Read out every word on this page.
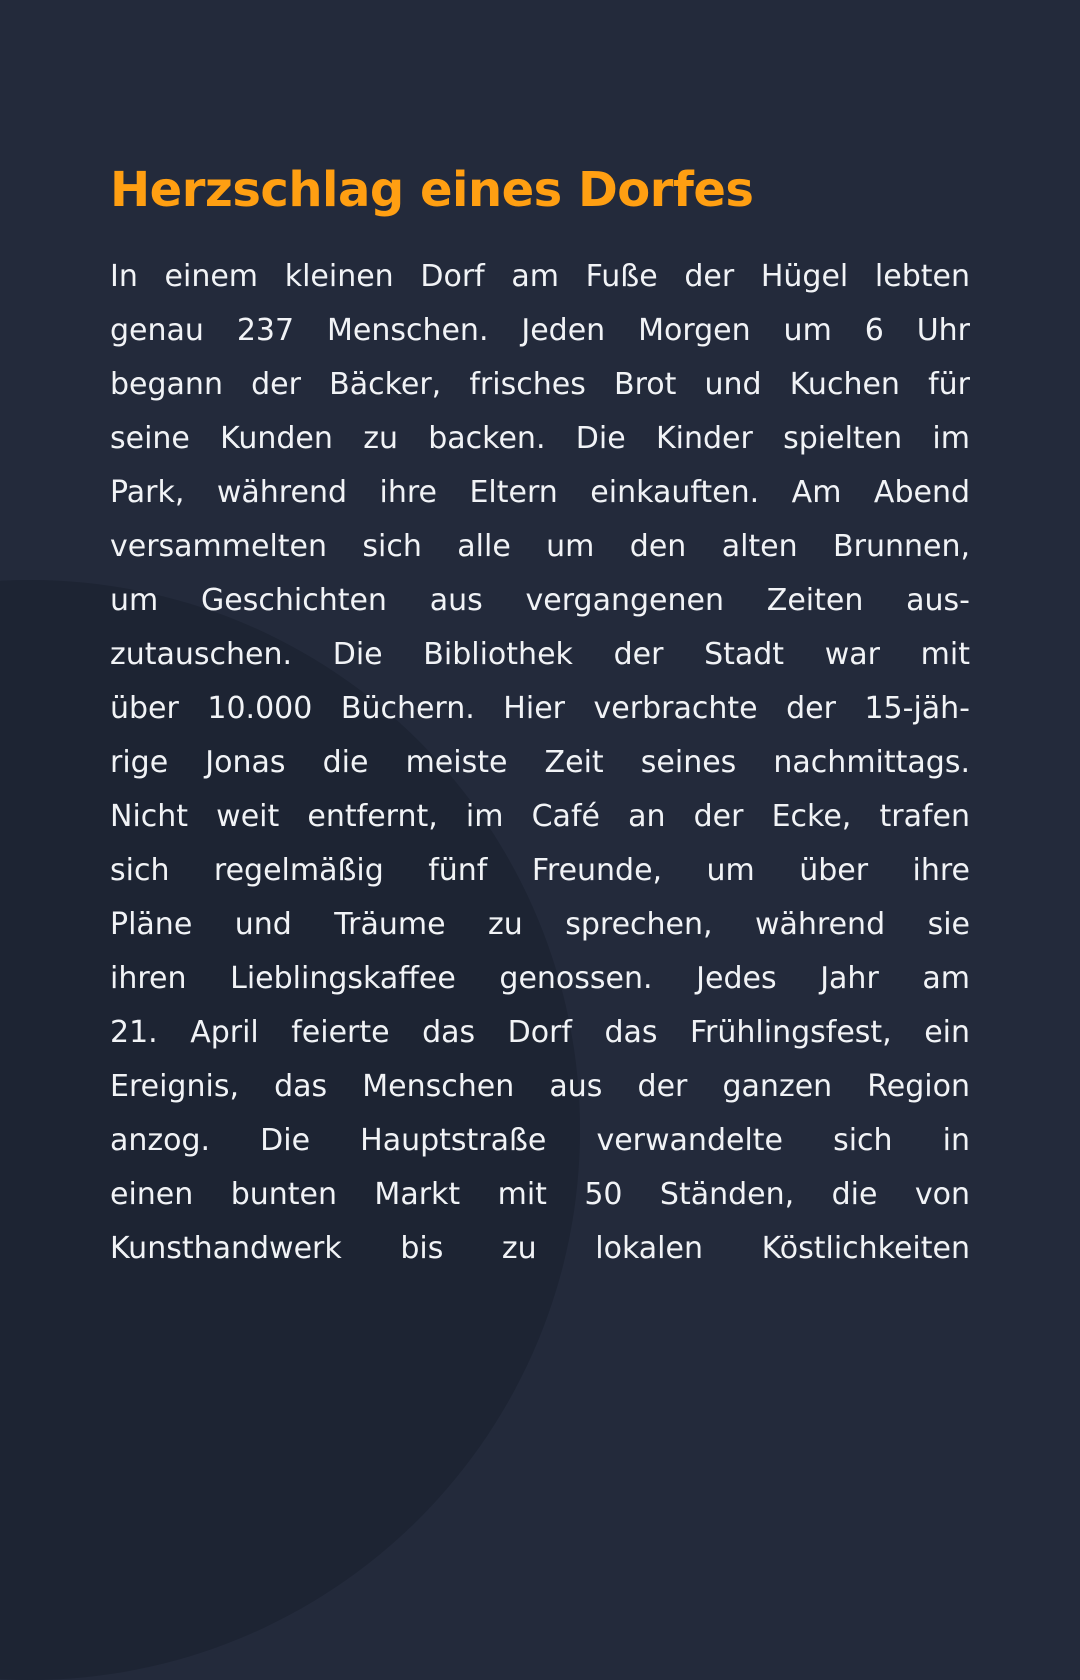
Herzschlag eines Dorfes
In einem kleinen Dorf am Fuße der Hügel lebten
genau 237 Menschen. Jeden Morgen um 6 Uhr
begann der Bäcker, frisches Brot und Kuchen für
seine Kunden zu backen. Die Kinder spielten im
Park, während ihre Eltern einkauften. Am Abend
versammelten sich alle um den alten Brunnen,
um Geschichten aus vergangenen Zeiten aus-
zutauschen. Die Bibliothek der Stadt war mit
über 10.000 Büchern. Hier verbrachte der 15-jäh-
rige Jonas die meiste Zeit seines nachmittags.
Nicht weit entfernt, im Café an der Ecke, trafen
sich regelmäßig fünf Freunde, um über ihre
Pläne und Träume zu sprechen, während sie
ihren Lieblingskaffee genossen. Jedes Jahr am
21. April feierte das Dorf das Frühlingsfest, ein
Ereignis, das Menschen aus der ganzen Region
anzog. Die Hauptstraße verwandelte sich in
einen bunten Markt mit 50 Ständen, die von
Kunsthandwerk bis zu lokalen Köstlichkeiten
